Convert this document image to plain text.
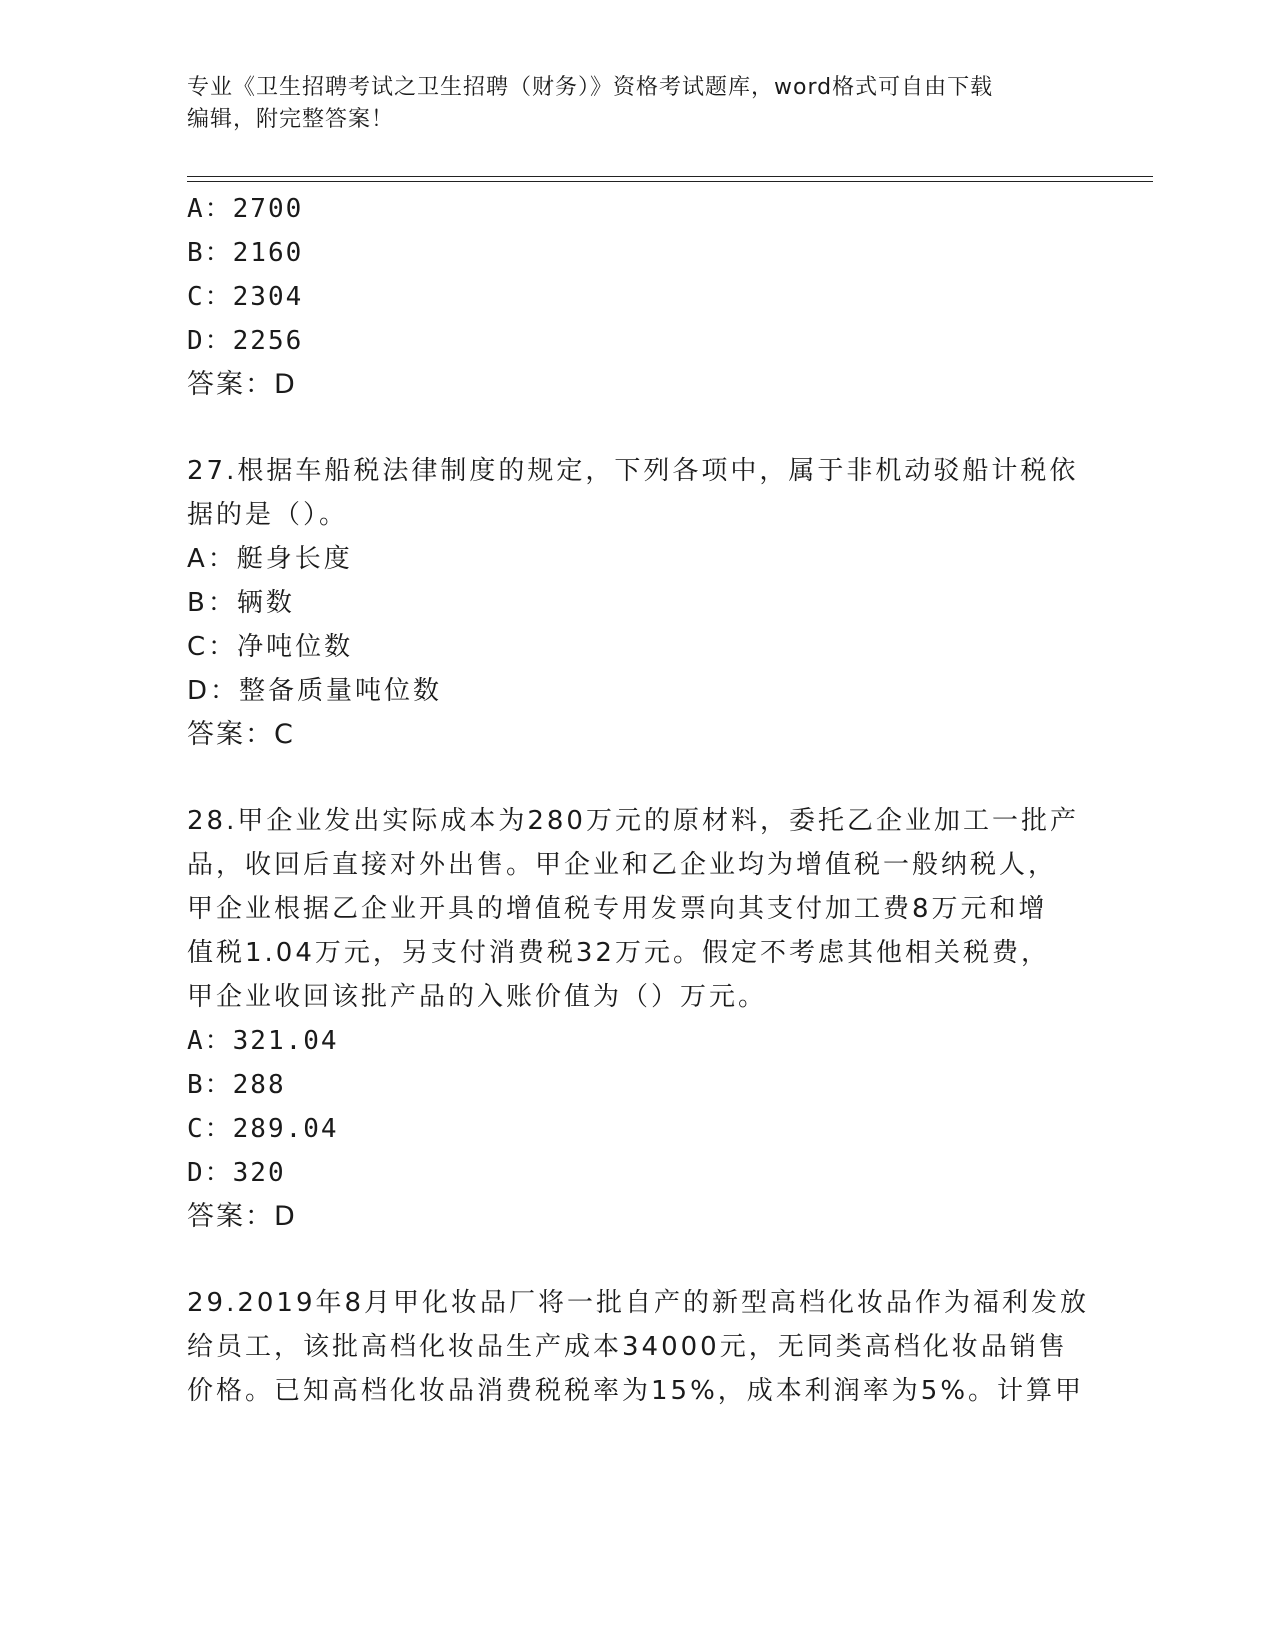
专业《卫生招聘考试之卫生招聘（财务）》资格考试题库，word格式可自由下载
编辑，附完整答案！
A：2700
B：2160
C：2304
D：2256
答案：D
27.根据车船税法律制度的规定，下列各项中，属于非机动驳船计税依
据的是（）。
A：艇身长度
B：辆数
C：净吨位数
D：整备质量吨位数
答案：C
28.甲企业发出实际成本为280万元的原材料，委托乙企业加工一批产
品，收回后直接对外出售。甲企业和乙企业均为增值税一般纳税人，
甲企业根据乙企业开具的增值税专用发票向其支付加工费8万元和增
值税1.04万元，另支付消费税32万元。假定不考虑其他相关税费，
甲企业收回该批产品的入账价值为（）万元。
A：321.04
B：288
C：289.04
D：320
答案：D
29.2019年8月甲化妆品厂将一批自产的新型高档化妆品作为福利发放
给员工，该批高档化妆品生产成本34000元，无同类高档化妆品销售
价格。已知高档化妆品消费税税率为15%，成本利润率为5%。计算甲
